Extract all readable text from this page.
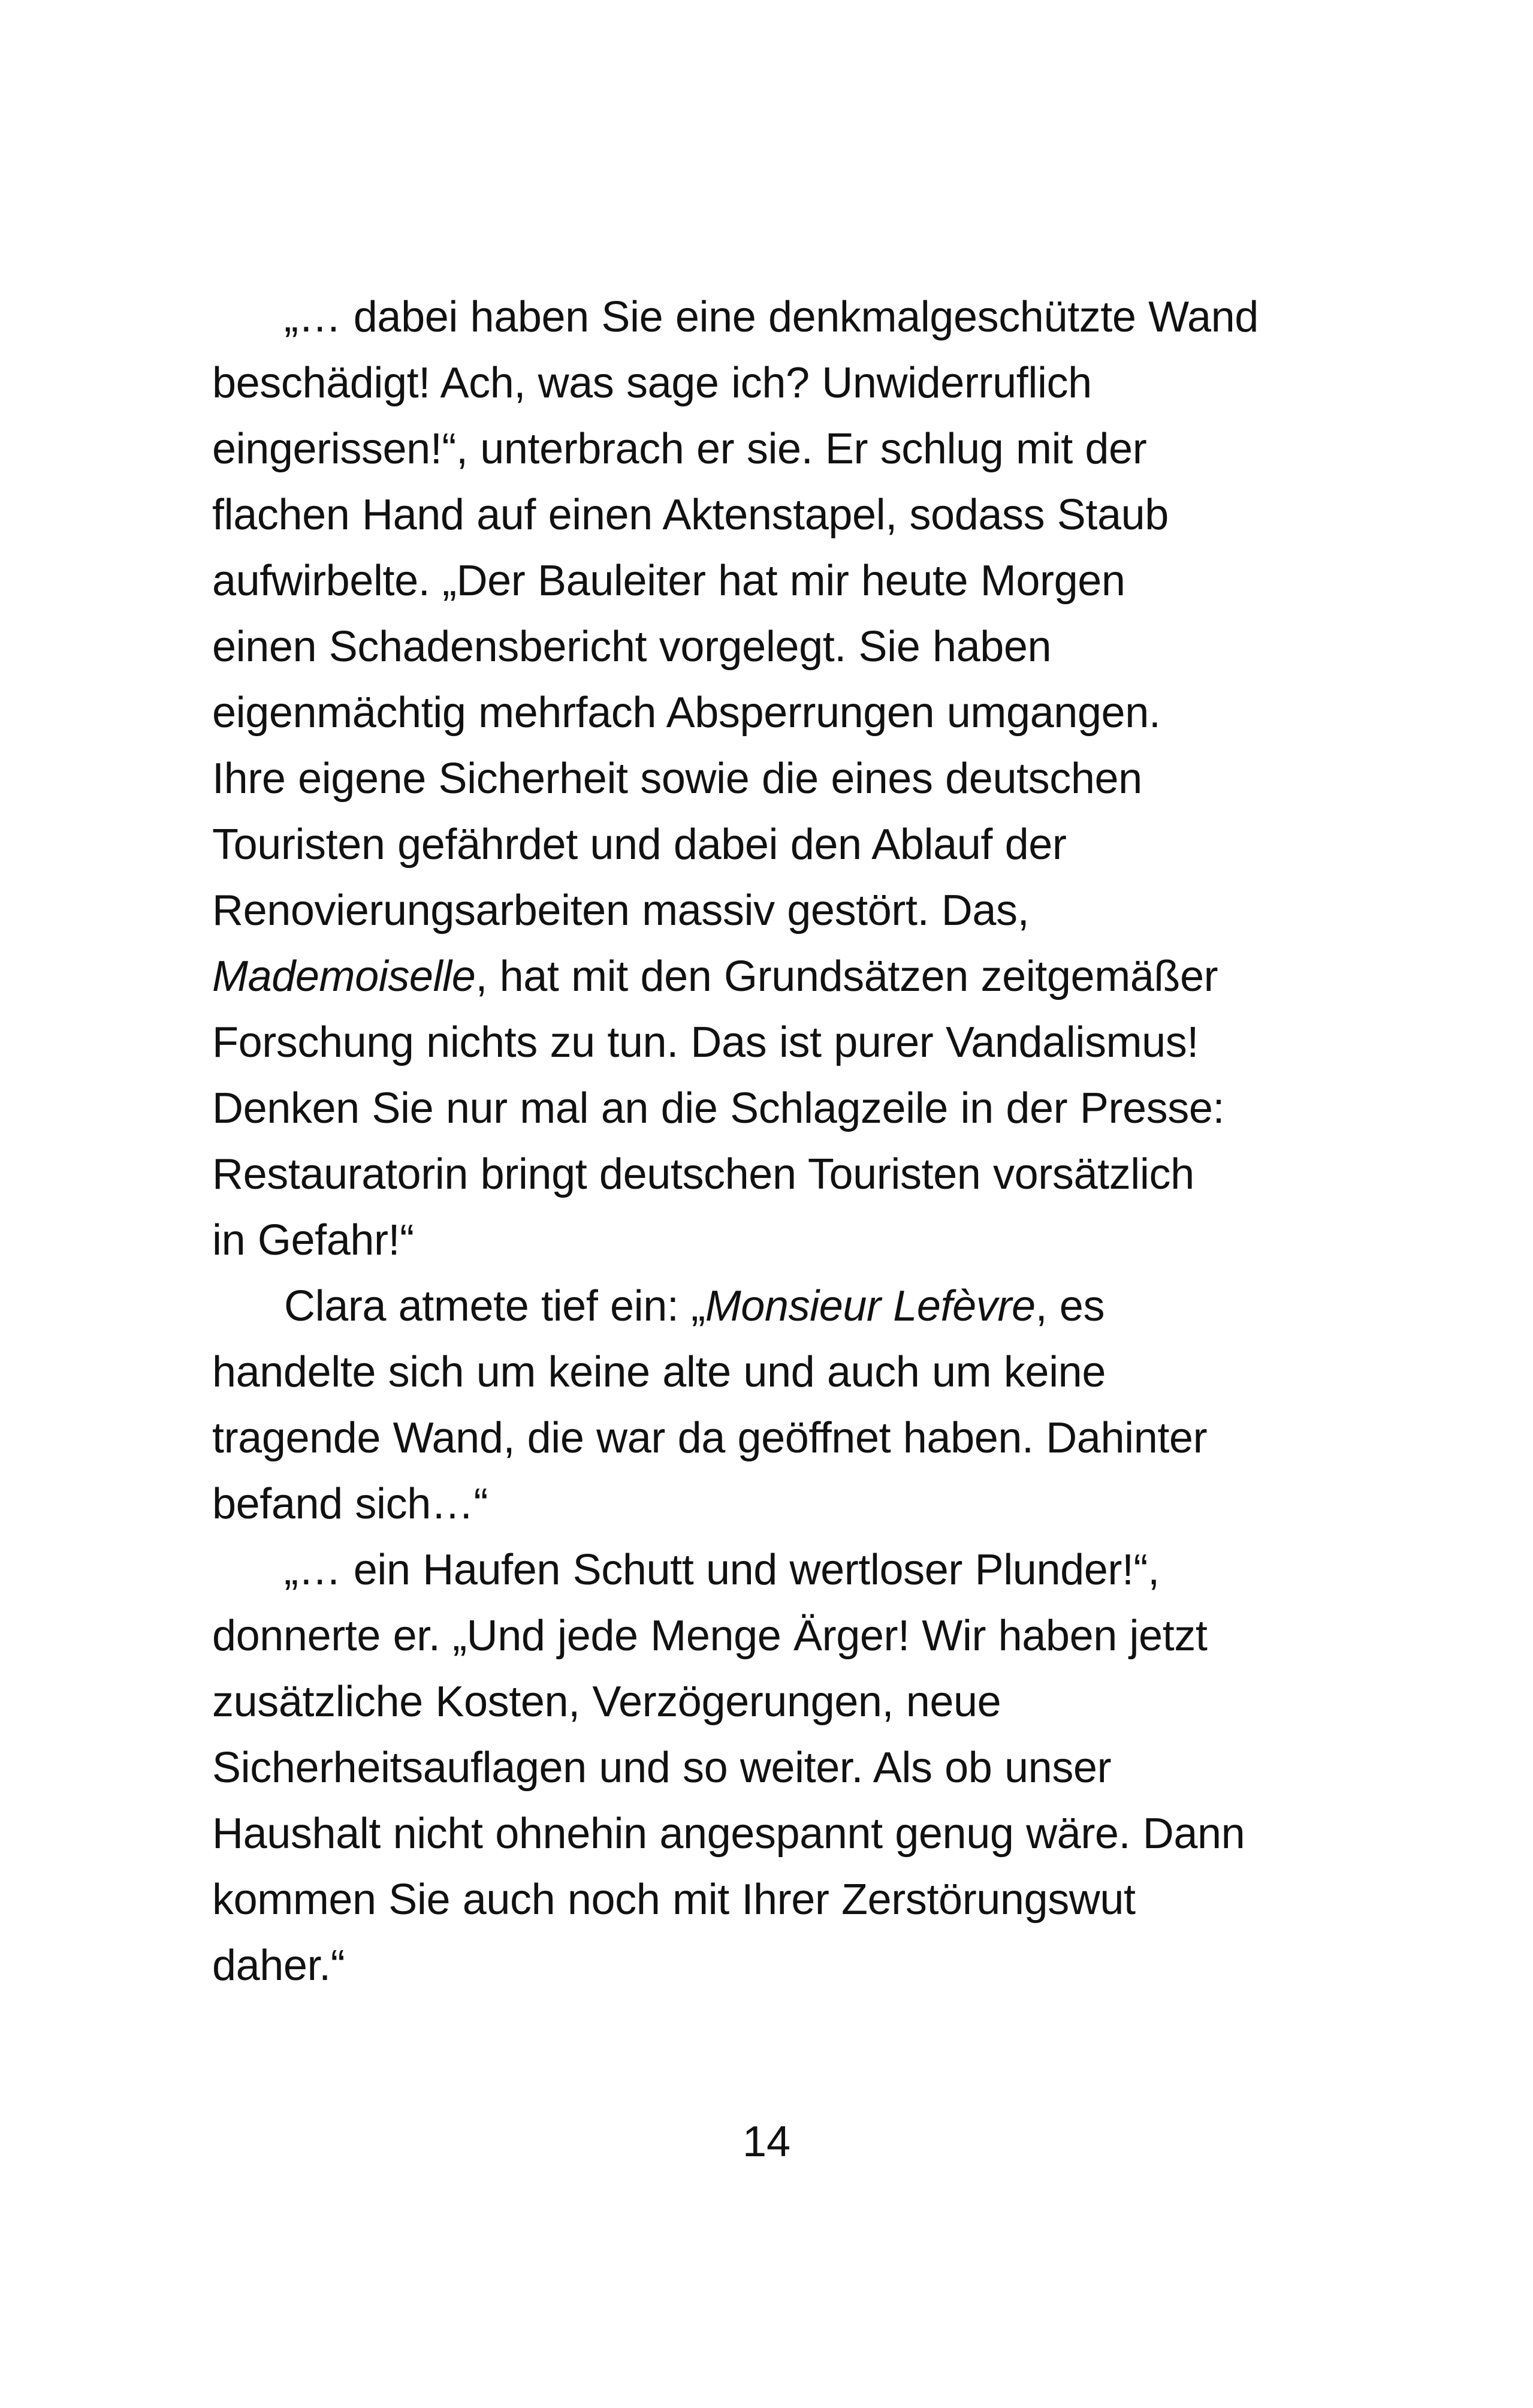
„… dabei haben Sie eine denkmalgeschützte Wand
beschädigt! Ach, was sage ich? Unwiderruflich
eingerissen!“, unterbrach er sie. Er schlug mit der
flachen Hand auf einen Aktenstapel, sodass Staub
aufwirbelte. „Der Bauleiter hat mir heute Morgen
einen Schadensbericht vorgelegt. Sie haben
eigenmächtig mehrfach Absperrungen umgangen.
Ihre eigene Sicherheit sowie die eines deutschen
Touristen gefährdet und dabei den Ablauf der
Renovierungsarbeiten massiv gestört. Das,
Mademoiselle, hat mit den Grundsätzen zeitgemäßer
Forschung nichts zu tun. Das ist purer Vandalismus!
Denken Sie nur mal an die Schlagzeile in der Presse:
Restauratorin bringt deutschen Touristen vorsätzlich
in Gefahr!“

Clara atmete tief ein: „Monsieur Lefèvre, es
handelte sich um keine alte und auch um keine
tragende Wand, die war da geöffnet haben. Dahinter
befand sich…“

„… ein Haufen Schutt und wertloser Plunder!“,
donnerte er. „Und jede Menge Ärger! Wir haben jetzt
zusätzliche Kosten, Verzögerungen, neue
Sicherheitsauflagen und so weiter. Als ob unser
Haushalt nicht ohnehin angespannt genug wäre. Dann
kommen Sie auch noch mit Ihrer Zerstörungswut
daher.“

14
